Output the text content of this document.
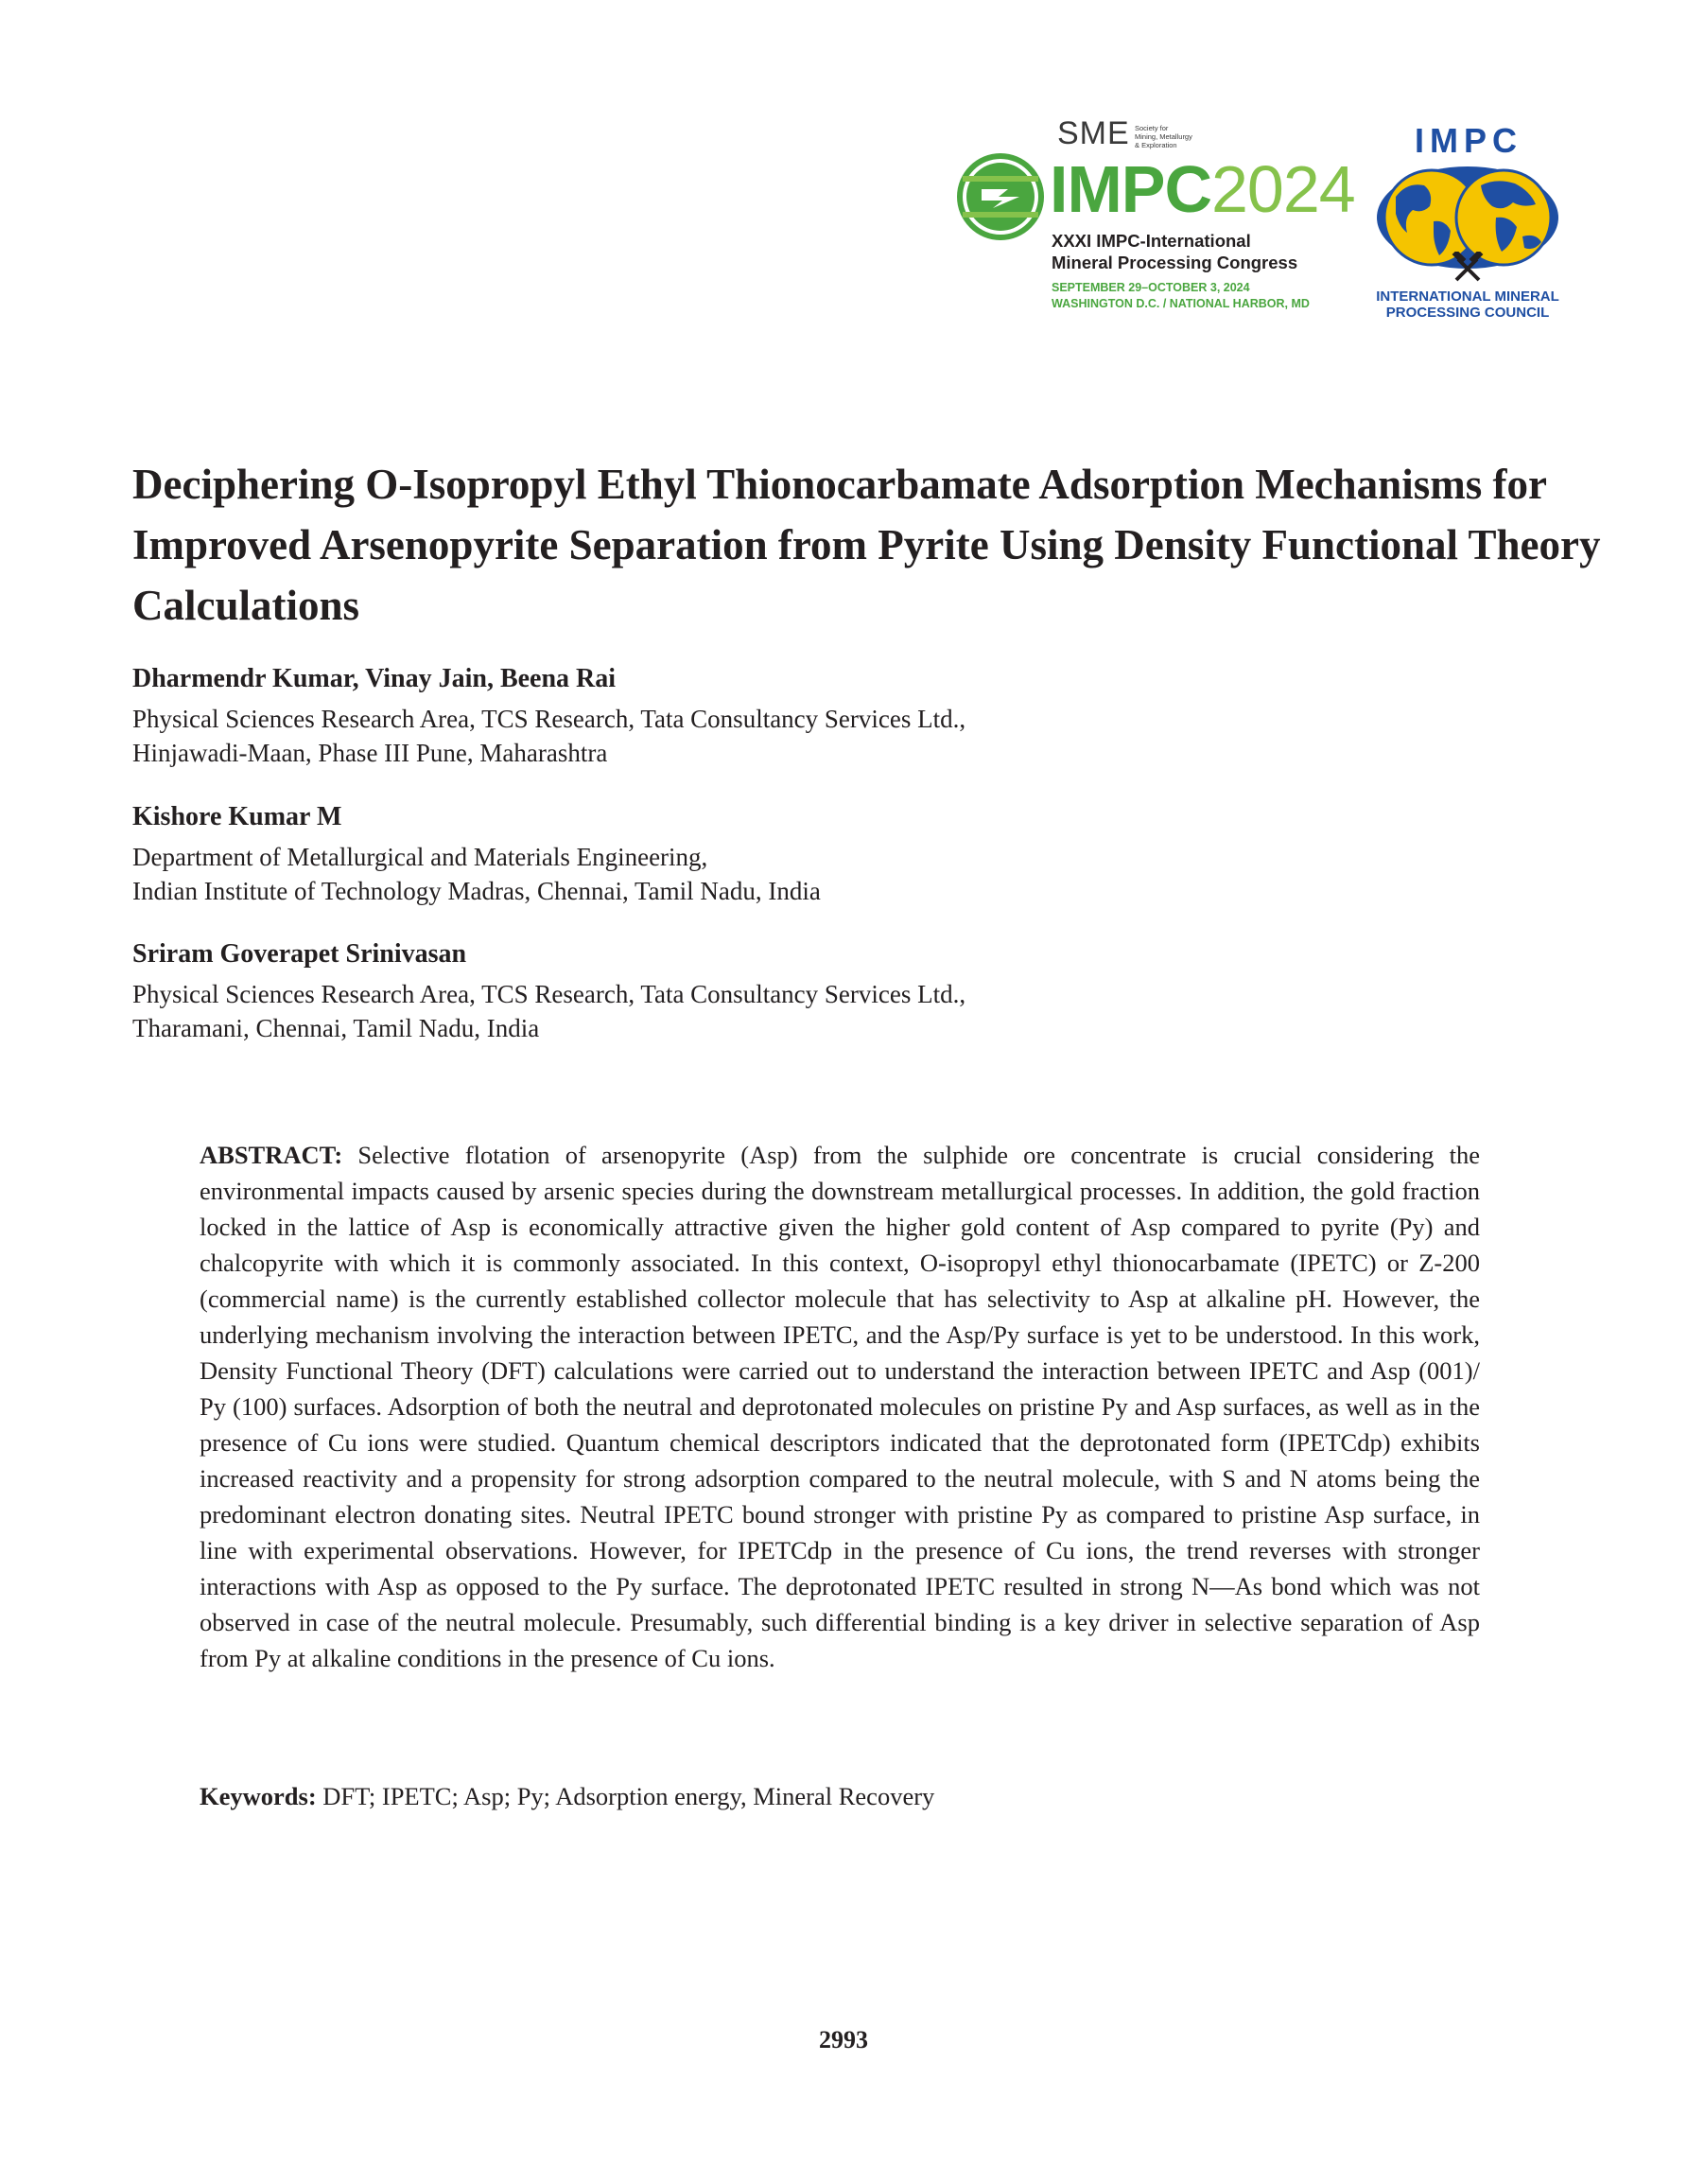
SME Society for
Mining, Metallurgy
& Exploration
IMPC2024
XXXI IMPC-International
Mineral Processing Congress
SEPTEMBER 29–OCTOBER 3, 2024
WASHINGTON D.C. / NATIONAL HARBOR, MD
IMPC
INTERNATIONAL MINERAL
PROCESSING COUNCIL
Deciphering O-Isopropyl Ethyl Thionocarbamate Adsorption Mechanisms for Improved Arsenopyrite Separation from Pyrite Using Density Functional Theory Calculations

Dharmendr Kumar, Vinay Jain, Beena Rai

Physical Sciences Research Area, TCS Research, Tata Consultancy Services Ltd.,

Hinjawadi-Maan, Phase III Pune, Maharashtra

Kishore Kumar M

Department of Metallurgical and Materials Engineering,

Indian Institute of Technology Madras, Chennai, Tamil Nadu, India

Sriram Goverapet Srinivasan

Physical Sciences Research Area, TCS Research, Tata Consultancy Services Ltd.,

Tharamani, Chennai, Tamil Nadu, India

ABSTRACT: Selective flotation of arsenopyrite (Asp) from the sulphide ore concentrate is crucial considering the environmental impacts caused by arsenic species during the downstream metallurgical processes. In addition, the gold fraction locked in the lattice of Asp is economically attractive given the higher gold content of Asp compared to pyrite (Py) and chalcopyrite with which it is commonly associated. In this context, O-isopropyl ethyl thionocarbamate (IPETC) or Z-200 (commercial name) is the currently established collector molecule that has selectivity to Asp at alkaline pH. However, the underlying mechanism involving the interaction between IPETC, and the Asp/Py surface is yet to be understood. In this work, Density Functional Theory (DFT) calculations were carried out to understand the interaction between IPETC and Asp (001)/ Py (100) surfaces. Adsorption of both the neutral and deprotonated molecules on pristine Py and Asp surfaces, as well as in the presence of Cu ions were studied. Quantum chemical descriptors indicated that the deprotonated form (IPETCdp) exhibits increased reactivity and a propensity for strong adsorption compared to the neutral molecule, with S and N atoms being the predominant electron donating sites. Neutral IPETC bound stronger with pristine Py as compared to pristine Asp surface, in line with experimental observations. However, for IPETCdp in the presence of Cu ions, the trend reverses with stronger interactions with Asp as opposed to the Py surface. The deprotonated IPETC resulted in strong N—As bond which was not observed in case of the neutral molecule. Presumably, such differential binding is a key driver in selective separation of Asp from Py at alkaline conditions in the presence of Cu ions.

Keywords: DFT; IPETC; Asp; Py; Adsorption energy, Mineral Recovery

2993
